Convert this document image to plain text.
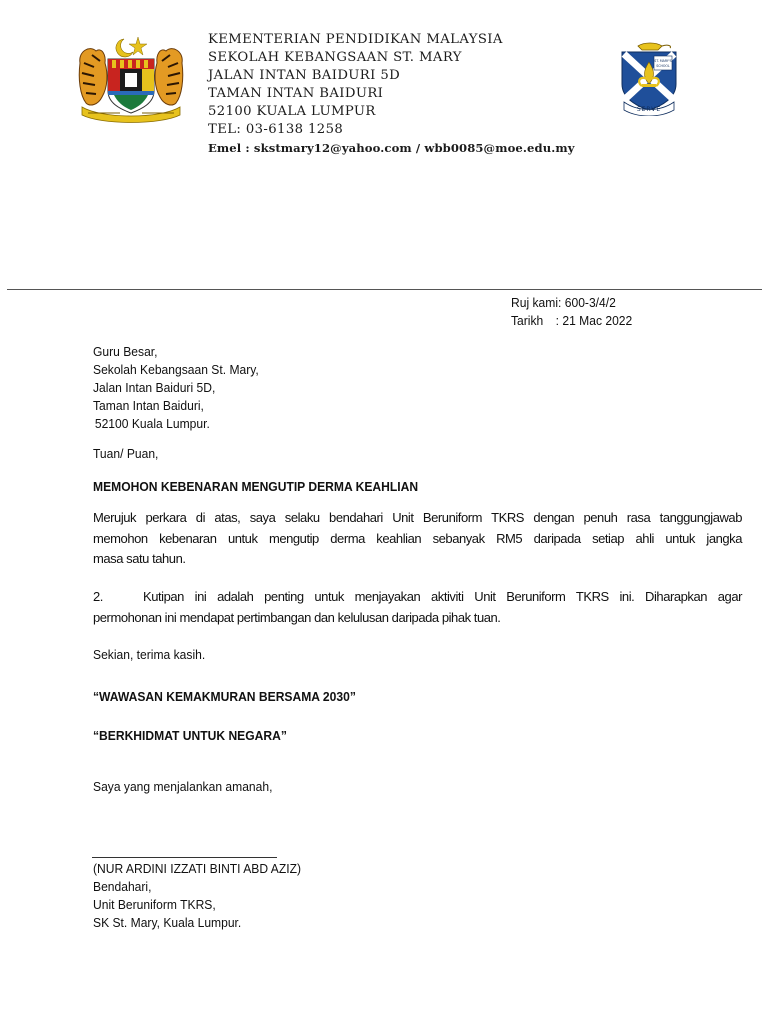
KEMENTERIAN PENDIDIKAN MALAYSIA
SEKOLAH KEBANGSAAN ST. MARY
JALAN INTAN BAIDURI 5D
TAMAN INTAN BAIDURI
52100 KUALA LUMPUR
TEL: 03-6138 1258
Emel : skstmary12@yahoo.com / wbb0085@moe.edu.my
ST. MARY'S
SCHOOL
SERVE
Ruj kami: 600-3/4/2
Tarikh : 21 Mac 2022
Guru Besar,
Sekolah Kebangsaan St. Mary,
Jalan Intan Baiduri 5D,
Taman Intan Baiduri,
52100 Kuala Lumpur.
Tuan/ Puan,
MEMOHON KEBENARAN MENGUTIP DERMA KEAHLIAN
Merujuk perkara di atas, saya selaku bendahari Unit Beruniform TKRS dengan penuh rasa tanggungjawab
memohon kebenaran untuk mengutip derma keahlian sebanyak RM5 daripada setiap ahli untuk jangka
masa satu tahun.
2.	Kutipan ini adalah penting untuk menjayakan aktiviti Unit Beruniform TKRS ini. Diharapkan agar
permohonan ini mendapat pertimbangan dan kelulusan daripada pihak tuan.
Sekian, terima kasih.
“WAWASAN KEMAKMURAN BERSAMA 2030”
“BERKHIDMAT UNTUK NEGARA”
Saya yang menjalankan amanah,
(NUR ARDINI IZZATI BINTI ABD AZIZ)
Bendahari,
Unit Beruniform TKRS,
SK St. Mary, Kuala Lumpur.
